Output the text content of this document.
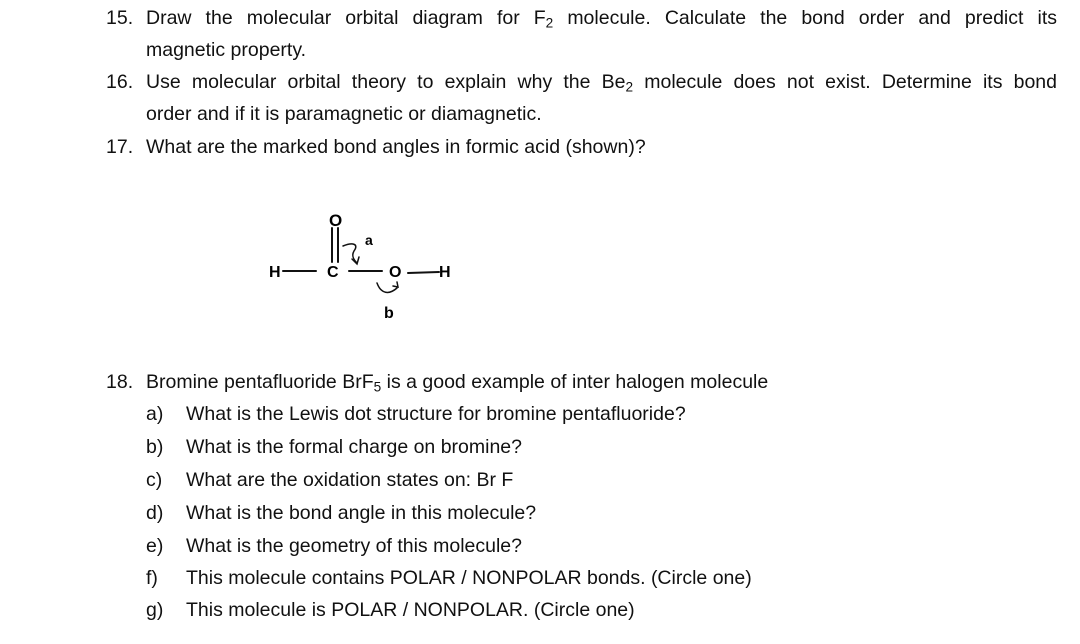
15. Draw the molecular orbital diagram for $F_2$ molecule. Calculate the bond order and predict its
magnetic property.
16. Use molecular orbital theory to explain why the $Be_2$ molecule does not exist. Determine its bond
order and if it is paramagnetic or diamagnetic.
17. What are the marked bond angles in formic acid (shown)?
O
H	C	O H
a
b
18. Bromine pentafluoride BrF$_5$ is a good example of inter halogen molecule
a)	What is the Lewis dot structure for bromine pentafluoride?
b)	What is the formal charge on bromine?
c)	What are the oxidation states on: Br F
d)	What is the bond angle in this molecule?
e)	What is the geometry of this molecule?
f)	This molecule contains POLAR / NONPOLAR bonds. (Circle one)
g)	This molecule is POLAR / NONPOLAR. (Circle one)
